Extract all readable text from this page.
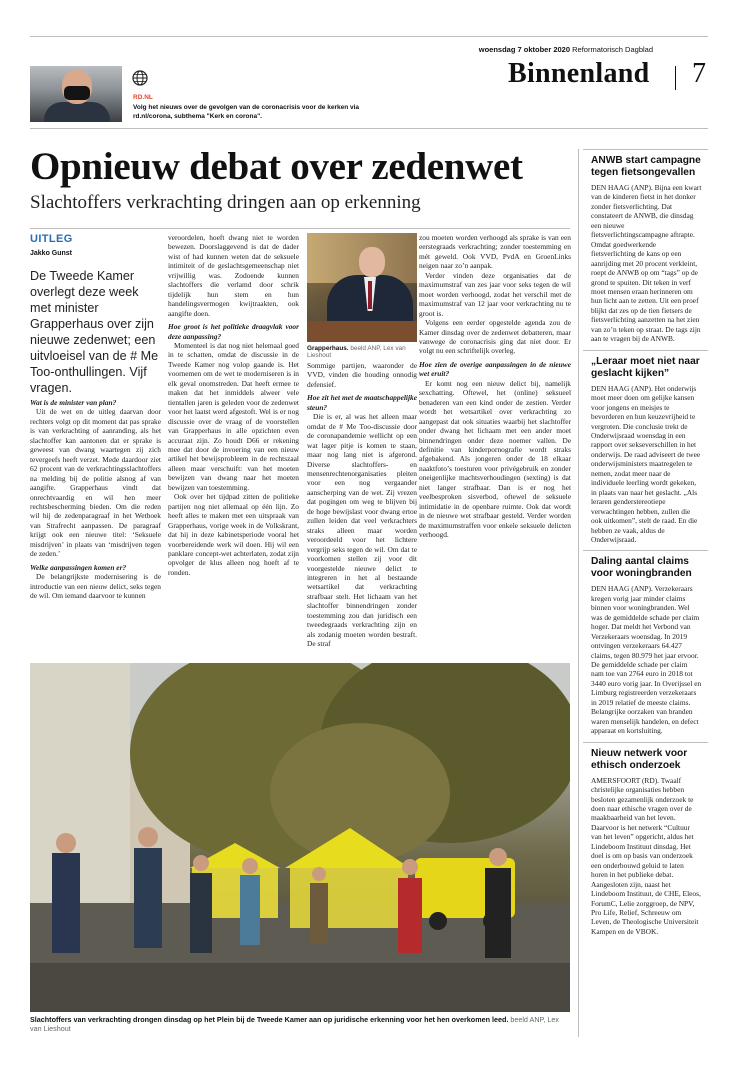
woensdag 7 oktober 2020 Reformatorisch Dagblad
Binnenland 7
RD.NL
Volg het nieuws over de gevolgen van de coronacrisis voor de kerken via rd.nl/corona, subthema "Kerk en corona".
Opnieuw debat over zedenwet
Slachtoffers verkrachting dringen aan op erkenning
UITLEG
Jakko Gunst
De Tweede Kamer overlegt deze week met minister Grapperhaus over zijn nieuwe zedenwet; een uitvloeisel van de # Me Too-onthullingen. Vijf vragen.

Wat is de minister van plan?

Uit de wet en de uitleg daarvan door rechters volgt op dit moment dat pas sprake is van verkrachting of aanranding, als het slachtoffer kan aantonen dat er sprake is geweest van dwang waartegen zij zich tevergeefs heeft verzet. Mede daardoor ziet 62 procent van de verkrachtingsslachtoffers na melding bij de politie alsnog af van aangifte. Grapperhaus vindt dat onrechtvaardig en wil hen meer rechtsbescherming bieden. Om die reden wil hij de zedenparagraaf in het Wetboek van Strafrecht aanpassen. De paragraaf krijgt ook een nieuwe titel: ‘Seksuele misdrijven’ in plaats van ‘misdrijven tegen de zeden.’

Welke aanpassingen komen er?

De belangrijkste modernisering is de introductie van een nieuw delict, seks tegen de wil. Om iemand daarvoor te kunnen

veroordelen, hoeft dwang niet te worden bewezen. Doorslaggevend is dat de dader wist of had kunnen weten dat de seksuele intimiteit of de geslachtsgemeenschap niet vrijwillig was. Zodoende kunnen slachtoffers die verlamd door schrik tijdelijk hun stem en hun handelingsvermogen kwijtraakten, ook aangifte doen.

Hoe groot is het politieke draagvlak voor deze aanpassing?

Momenteel is dat nog niet helemaal goed in te schatten, omdat de discussie in de Tweede Kamer nog volop gaande is. Het voornemen om de wet te moderniseren is in elk geval onomstreden. Dat heeft ermee te maken dat het inmiddels alweer vele tientallen jaren is geleden voor de zedenwet voor het laatst werd afgestoft. Wel is er nog discussie over de vraag of de voorstellen van Grapperhaus in alle opzichten even accuraat zijn. Zo houdt D66 er rekening mee dat door de invoering van een nieuw artikel het bewijsprobleem in de rechtszaal alleen maar verschuift: van het moeten bewijzen van dwang naar het moeten bewijzen van toestemming.

Ook over het tijdpad zitten de politieke partijen nog niet allemaal op één lijn. Zo heeft alles te maken met een uitspraak van Grapperhaus, vorige week in de Volkskrant, dat hij in deze kabinetsperiode vooral het voorbereidende werk wil doen. Hij wil een panklare concept-wet achterlaten, zodat zijn opvolger de klus alleen nog hoeft af te ronden.

Grapperhaus. beeld ANP, Lex van Lieshout

Sommige partijen, waaronder de VVD, vinden die houding onnodig defensief.

Hoe zit het met de maatschappelijke steun?

Die is er, al was het alleen maar omdat de # Me Too-discussie door de coronapandemie wellicht op een wat lager pitje is komen te staan, maar nog lang niet is afgerond. Diverse slachtoffers- en mensenrechtenorganisaties pleiten voor een nog vergaander aanscherping van de wet. Zij vrezen dat pogingen om weg te blijven bij de hoge bewijslast voor dwang ertoe zullen leiden dat veel verkrachters straks alleen maar worden veroordeeld voor het lichtere vergrijp seks tegen de wil. Om dat te voorkomen stellen zij voor dit voorgestelde nieuwe delict te integreren in het al bestaande wetsartikel dat verkrachting strafbaar stelt. Het lichaam van het slachtoffer binnendringen zonder toestemming zou dan juridisch een tweedegraads verkrachting zijn en als zodanig moeten worden bestraft. De straf

zou moeten worden verhoogd als sprake is van een eerstegraads verkrachting; zonder toestemming en mét geweld. Ook VVD, PvdA en GroenLinks neigen naar zo’n aanpak.

Verder vinden deze organisaties dat de maximumstraf van zes jaar voor seks tegen de wil moet worden verhoogd, zodat het verschil met de maximumstraf van 12 jaar voor verkrachting nu te groot is.

Volgens een eerder opgestelde agenda zou de Kamer dinsdag over de zedenwet debatteren, maar vanwege de coronacrisis ging dat niet door. Er volgt nu een schriftelijk overleg.

Hoe zien de overige aanpassingen in de nieuwe wet eruit?

Er komt nog een nieuw delict bij, namelijk sexchatting. Oftewel, het (online) seksueel benaderen van een kind onder de zestien. Verder wordt het wetsartikel over verkrachting zo aangepast dat ook situaties waarbij het slachtoffer onder dwang het lichaam met een ander moet binnendringen onder deze noemer vallen. De definitie van kinderpornografie wordt straks afgebakend. Als jongeren onder de 18 elkaar naaktfoto’s toesturen voor privégebruik en zonder oneigenlijke machtsverhoudingen (sexting) is dat niet langer strafbaar. Dan is er nog het veelbesproken sisverbod, oftewel de seksuele intimidatie in de openbare ruimte. Ook dat wordt in de nieuwe wet strafbaar gesteld. Verder worden de maximumstraffen voor enkele seksuele delicten verhoogd.

Slachtoffers van verkrachting drongen dinsdag op het Plein bij de Tweede Kamer aan op juridische erkenning voor het hen overkomen leed. beeld ANP, Lex van Lieshout
ANWB start campagne tegen fietsongevallen

DEN HAAG (ANP). Bijna een kwart van de kinderen fietst in het donker zonder fietsverlichting. Dat constateert de ANWB, die dinsdag een nieuwe fietsverlichtingscampagne aftrapte. Omdat goedwerkende fietsverlichting de kans op een aanrijding met 20 procent verkleint, roept de ANWB op om “tags” op de grond te spuiten. Dit teken in verf moet mensen eraan herinneren om hun licht aan te zetten. Uit een proef blijkt dat zes op de tien fietsers de fietsverlichting aanzetten na het zien van zo’n teken op straat. De tags zijn aan te vragen bij de ANWB.

„Leraar moet niet naar geslacht kijken”

DEN HAAG (ANP). Het onderwijs moet meer doen om gelijke kansen voor jongens en meisjes te bevorderen en hun keuzevrijheid te vergroten. Die conclusie trekt de Onderwijsraad woensdag in een rapport over sekseverschillen in het onderwijs. De raad adviseert de twee onderwijsministers maatregelen te nemen, zodat meer naar de individuele leerling wordt gekeken, in plaats van naar het geslacht. „Als leraren genderstereotiepe verwachtingen hebben, zullen die ook uitkomen”, stelt de raad. En die hebben ze vaak, aldus de Onderwijsraad.

Daling aantal claims voor woningbranden

DEN HAAG (ANP). Verzekeraars kregen vorig jaar minder claims binnen voor woningbranden. Wel was de gemiddelde schade per claim hoger. Dat meldt het Verbond van Verzekeraars woensdag. In 2019 ontvingen verzekeraars 64.427 claims, tegen 80.979 het jaar ervoor. De gemiddelde schade per claim nam toe van 2764 euro in 2018 tot 3440 euro vorig jaar. In Overijssel en Limburg registreerden verzekeraars in 2019 relatief de meeste claims. Belangrijke oorzaken van branden waren menselijk handelen, en defect apparaat en kortsluiting.

Nieuw netwerk voor ethisch onderzoek

AMERSFOORT (RD). Twaalf christelijke organisaties hebben besloten gezamenlijk onderzoek te doen naar ethische vragen over de maakbaarheid van het leven. Daarvoor is het netwerk “Cultuur van het leven” opgericht, aldus het Lindeboom Instituut dinsdag. Het doel is om op basis van onderzoek een onderbouwd geluid te laten horen in het publieke debat. Aangesloten zijn, naast het Lindeboom Instituut, de CHE, Eleos, ForumC, Lelie zorggroep, de NPV, Pro Life, Relief, Schreeuw om Leven, de Theologische Universiteit Kampen en de VBOK.
